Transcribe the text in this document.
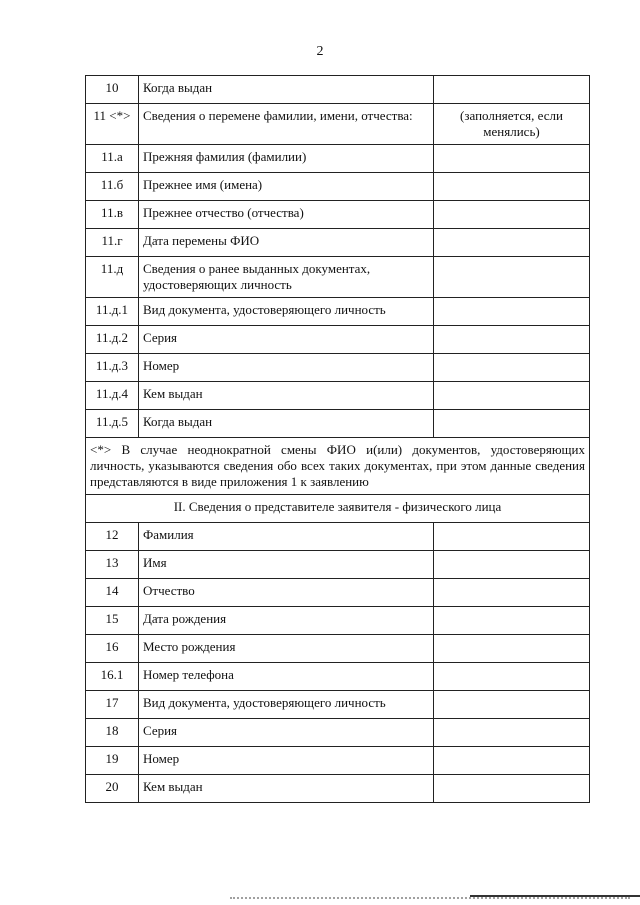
2
10	Когда выдан	
11 <*>	Сведения о перемене фамилии, имени, отчества:	(заполняется, если менялись)
11.а	Прежняя фамилия (фамилии)	
11.б	Прежнее имя (имена)	
11.в	Прежнее отчество (отчества)	
11.г	Дата перемены ФИО	
11.д	Сведения о ранее выданных документах, удостоверяющих личность	
11.д.1	Вид документа, удостоверяющего личность	
11.д.2	Серия	
11.д.3	Номер	
11.д.4	Кем выдан	
11.д.5	Когда выдан	
<*> В случае неоднократной смены ФИО и(или) документов, удостоверяющих личность, указываются сведения обо всех таких документах, при этом данные сведения представляются в виде приложения 1 к заявлению		
II. Сведения о представителе заявителя - физического лица		
12	Фамилия	
13	Имя	
14	Отчество	
15	Дата рождения	
16	Место рождения	
16.1	Номер телефона	
17	Вид документа, удостоверяющего личность	
18	Серия	
19	Номер	
20	Кем выдан	
